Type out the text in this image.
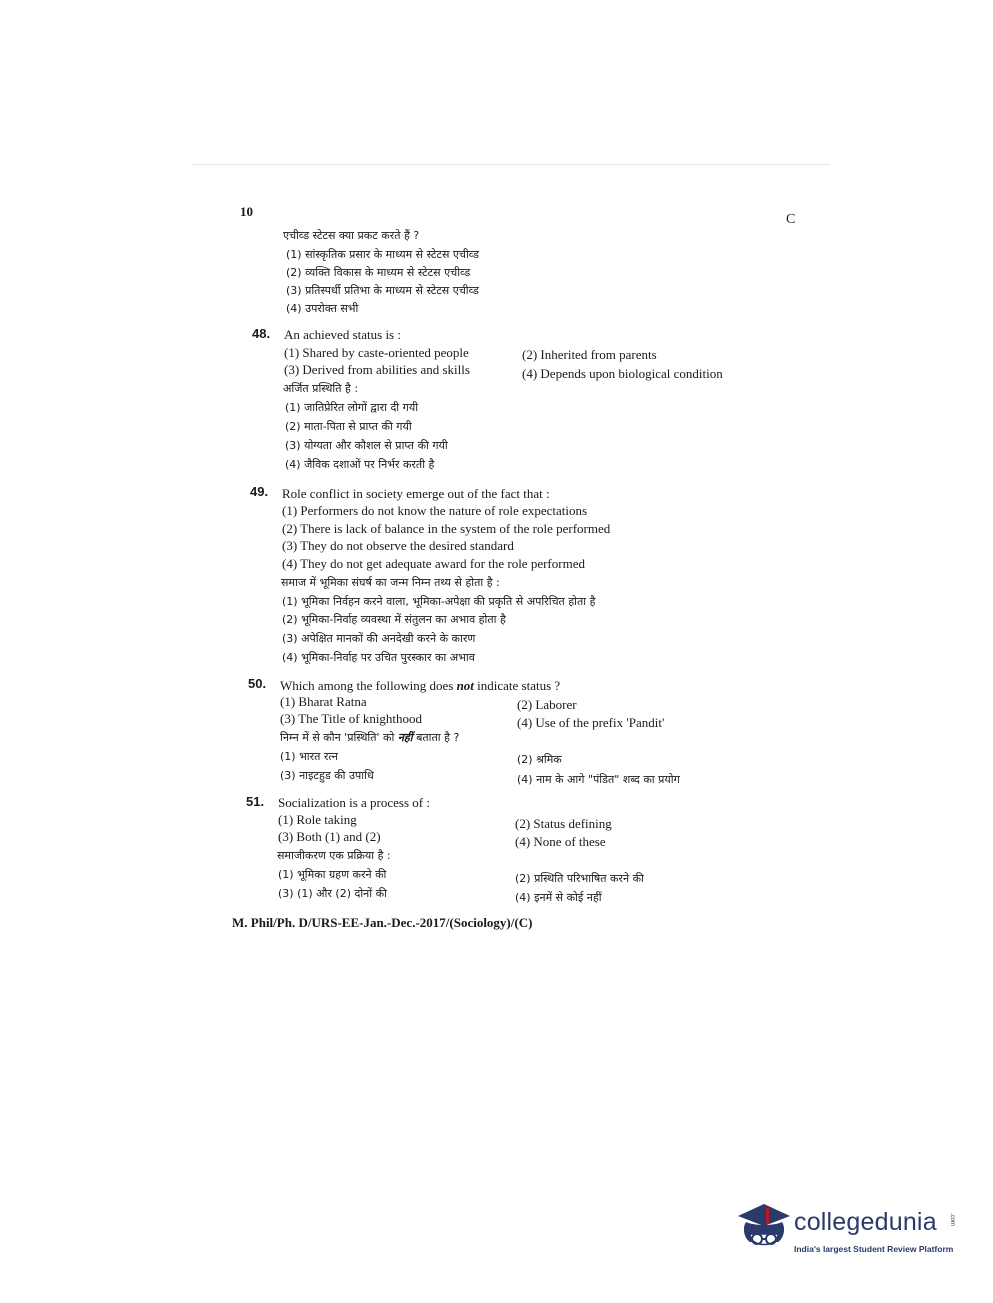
10
C
एचीव्ड स्टेटस क्या प्रकट करते हैं ?
(1) सांस्कृतिक प्रसार के माध्यम से स्टेटस एचीव्ड
(2) व्यक्ति विकास के माध्यम से स्टेटस एचीव्ड
(3) प्रतिस्पर्धी प्रतिभा के माध्यम से स्टेटस एचीव्ड
(4) उपरोक्त सभी
48. An achieved status is :
(1) Shared by caste-oriented people	(2) Inherited from parents
(3) Derived from abilities and skills	(4) Depends upon biological condition
अर्जित प्रस्थिति है :
(1) जातिप्रेरित लोगों द्वारा दी गयी
(2) माता-पिता से प्राप्त की गयी
(3) योग्यता और कौशल से प्राप्त की गयी
(4) जैविक दशाओं पर निर्भर करती है
49. Role conflict in society emerge out of the fact that :
(1) Performers do not know the nature of role expectations
(2) There is lack of balance in the system of the role performed
(3) They do not observe the desired standard
(4) They do not get adequate award for the role performed
समाज में भूमिका संघर्ष का जन्म निम्न तथ्य से होता है :
(1) भूमिका निर्वहन करने वाला, भूमिका-अपेक्षा की प्रकृति से अपरिचित होता है
(2) भूमिका-निर्वाह व्यवस्था में संतुलन का अभाव होता है
(3) अपेक्षित मानकों की अनदेखी करने के कारण
(4) भूमिका-निर्वाह पर उचित पुरस्कार का अभाव
50. Which among the following does not indicate status ?
(1) Bharat Ratna	(2) Laborer
(3) The Title of knighthood	(4) Use of the prefix 'Pandit'
निम्न में से कौन 'प्रस्थिति' को नहीं बताता है ?
(1) भारत रत्न	(2) श्रमिक
(3) नाइटहुड की उपाधि	(4) नाम के आगे "पंडित" शब्द का प्रयोग
51. Socialization is a process of :
(1) Role taking	(2) Status defining
(3) Both (1) and (2)	(4) None of these
समाजीकरण एक प्रक्रिया है :
(1) भूमिका ग्रहण करने की	(2) प्रस्थिति परिभाषित करने की
(3) (1) और (2) दोनों की	(4) इनमें से कोई नहीं
M. Phil/Ph. D/URS-EE-Jan.-Dec.-2017/(Sociology)/(C)
collegedunia .com
India's largest Student Review Platform
